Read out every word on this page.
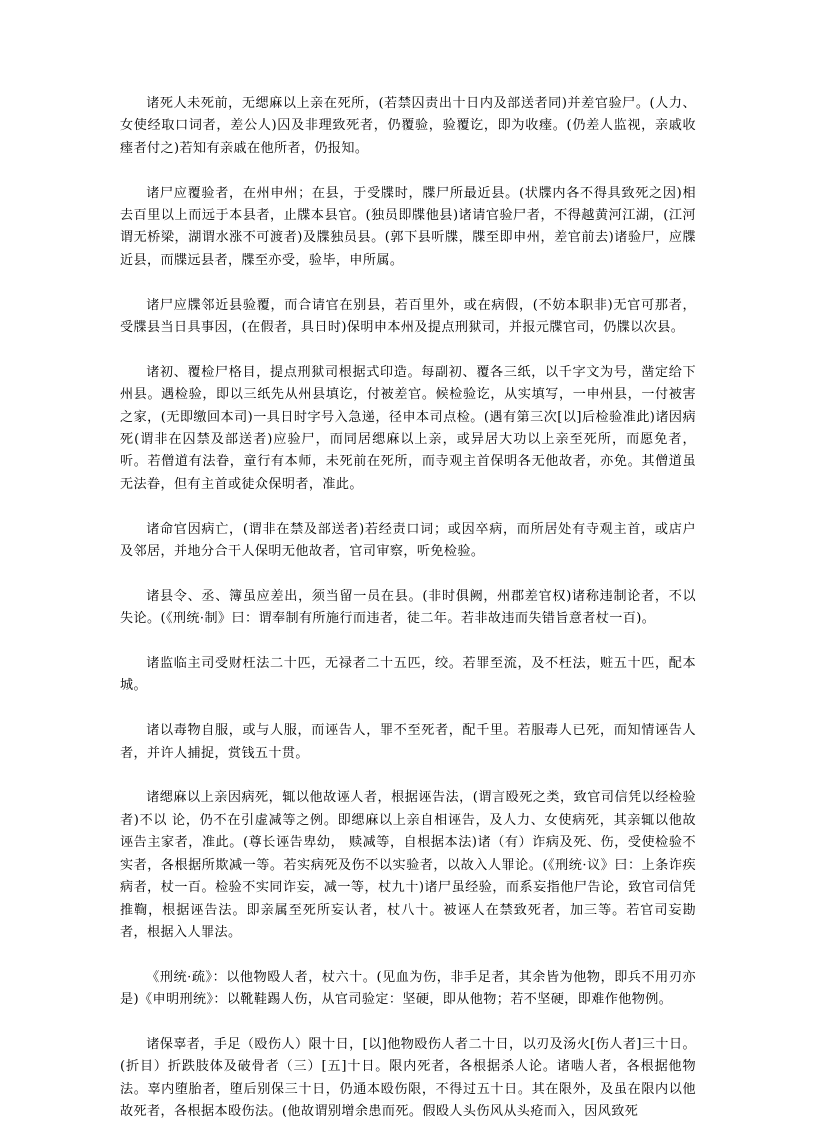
诸死人未死前，无缌麻以上亲在死所，(若禁囚责出十日内及部送者同)并差官验尸。(人力、女使经取口词者，差公人)囚及非理致死者，仍覆验，验覆讫，即为收瘗。(仍差人监视，亲戚收瘗者付之)若知有亲戚在他所者，仍报知。

诸尸应覆验者，在州申州；在县，于受牒时，牒尸所最近县。(状牒内各不得具致死之因)相去百里以上而远于本县者，止牒本县官。(独员即牒他县)诸请官验尸者，不得越黄河江湖，(江河谓无桥梁，湖谓水涨不可渡者)及牒独员县。(郭下县听牒，牒至即申州，差官前去)诸验尸，应牒近县，而牒远县者，牒至亦受，验毕，申所属。

诸尸应牒邻近县验覆，而合请官在别县，若百里外，或在病假，(不妨本职非)无官可那者，受牒县当日具事因，(在假者，具日时)保明申本州及提点刑狱司，并报元牒官司，仍牒以次县。

诸初、覆检尸格目，提点刑狱司根据式印造。每副初、覆各三纸，以千字文为号，凿定给下州县。遇检验，即以三纸先从州县填讫，付被差官。候检验讫，从实填写，一申州县，一付被害之家，(无即缴回本司)一具日时字号入急递，径申本司点检。(遇有第三次[以]后检验准此)诸因病死(谓非在囚禁及部送者)应验尸，而同居缌麻以上亲，或异居大功以上亲至死所，而愿免者，听。若僧道有法眷，童行有本师，未死前在死所，而寺观主首保明各无他故者，亦免。其僧道虽无法眷，但有主首或徒众保明者，准此。

诸命官因病亡，(谓非在禁及部送者)若经责口词；或因卒病，而所居处有寺观主首，或店户及邻居，并地分合干人保明无他故者，官司审察，听免检验。

诸县令、丞、簿虽应差出，须当留一员在县。(非时俱阙，州郡差官权)诸称违制论者，不以失论。(《刑统·制》曰：谓奉制有所施行而违者，徒二年。若非故违而失错旨意者杖一百)。

诸监临主司受财枉法二十匹，无禄者二十五匹，绞。若罪至流，及不枉法，赃五十匹，配本城。

诸以毒物自服，或与人服，而诬告人，罪不至死者，配千里。若服毒人已死，而知情诬告人者，并许人捕捉，赏钱五十贯。

诸缌麻以上亲因病死，辄以他故诬人者，根据诬告法，(谓言殴死之类，致官司信凭以经检验者)不以 论，仍不在引虚减等之例。即缌麻以上亲自相诬告，及人力、女使病死，其亲辄以他故诬告主家者，准此。(尊长诬告卑幼， 赎减等，自根据本法)诸（有）诈病及死、伤，受使检验不实者，各根据所欺减一等。若实病死及伤不以实验者，以故入人罪论。(《刑统·议》曰：上条诈疾病者，杖一百。检验不实同诈妄，减一等，杖九十)诸尸虽经验，而系妄指他尸告论，致官司信凭推鞫，根据诬告法。即亲属至死所妄认者，杖八十。被诬人在禁致死者，加三等。若官司妄勘者，根据入人罪法。

《刑统·疏》：以他物殴人者，杖六十。(见血为伤，非手足者，其余皆为他物，即兵不用刃亦是)《申明刑统》：以靴鞋踢人伤，从官司验定：坚硬，即从他物；若不坚硬，即难作他物例。

诸保辜者，手足（殴伤人）限十日，[以]他物殴伤人者二十日，以刃及汤火[伤人者]三十日。(折目）折跌肢体及破骨者（三）[五]十日。限内死者，各根据杀人论。诸啮人者，各根据他物法。辜内堕胎者，堕后别保三十日，仍通本殴伤限，不得过五十日。其在限外，及虽在限内以他故死者，各根据本殴伤法。(他故谓别增余患而死。假殴人头伤风从头疮而入，因风致死
